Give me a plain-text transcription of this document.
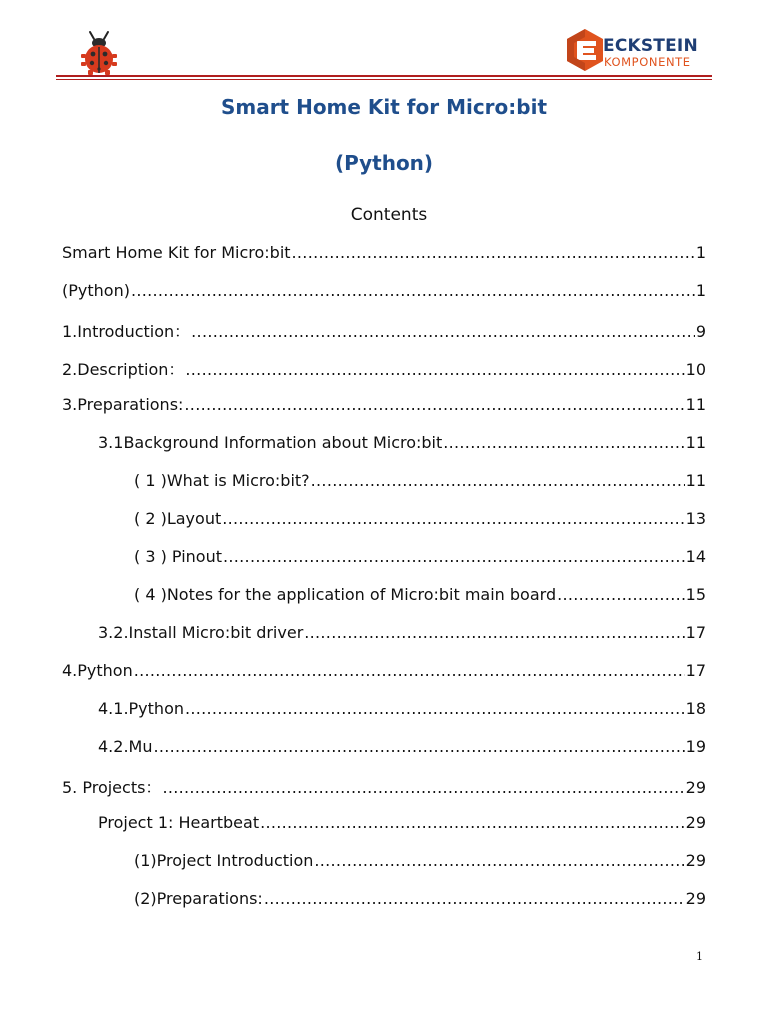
ECKSTEIN
KOMPONENTE
Smart Home Kit for Micro:bit
(Python)
Contents
Smart Home Kit for Micro:bit .....	1
(Python) .....	1
1.Introduction： .....	9
2.Description： .....	10
3.Preparations: .....	11
3.1Background Information about Micro:bit .....	11
( 1 )What is Micro:bit? .....	11
( 2 )Layout .....	13
( 3 ) Pinout .....	14
( 4 )Notes for the application of Micro:bit main board .....	15
3.2.Install Micro:bit driver .....	17
4.Python .....	17
4.1.Python .....	18
4.2.Mu .....	19
5. Projects： .....	29
Project 1: Heartbeat .....	29
(1)Project Introduction .....	29
(2)Preparations: .....	29
1
